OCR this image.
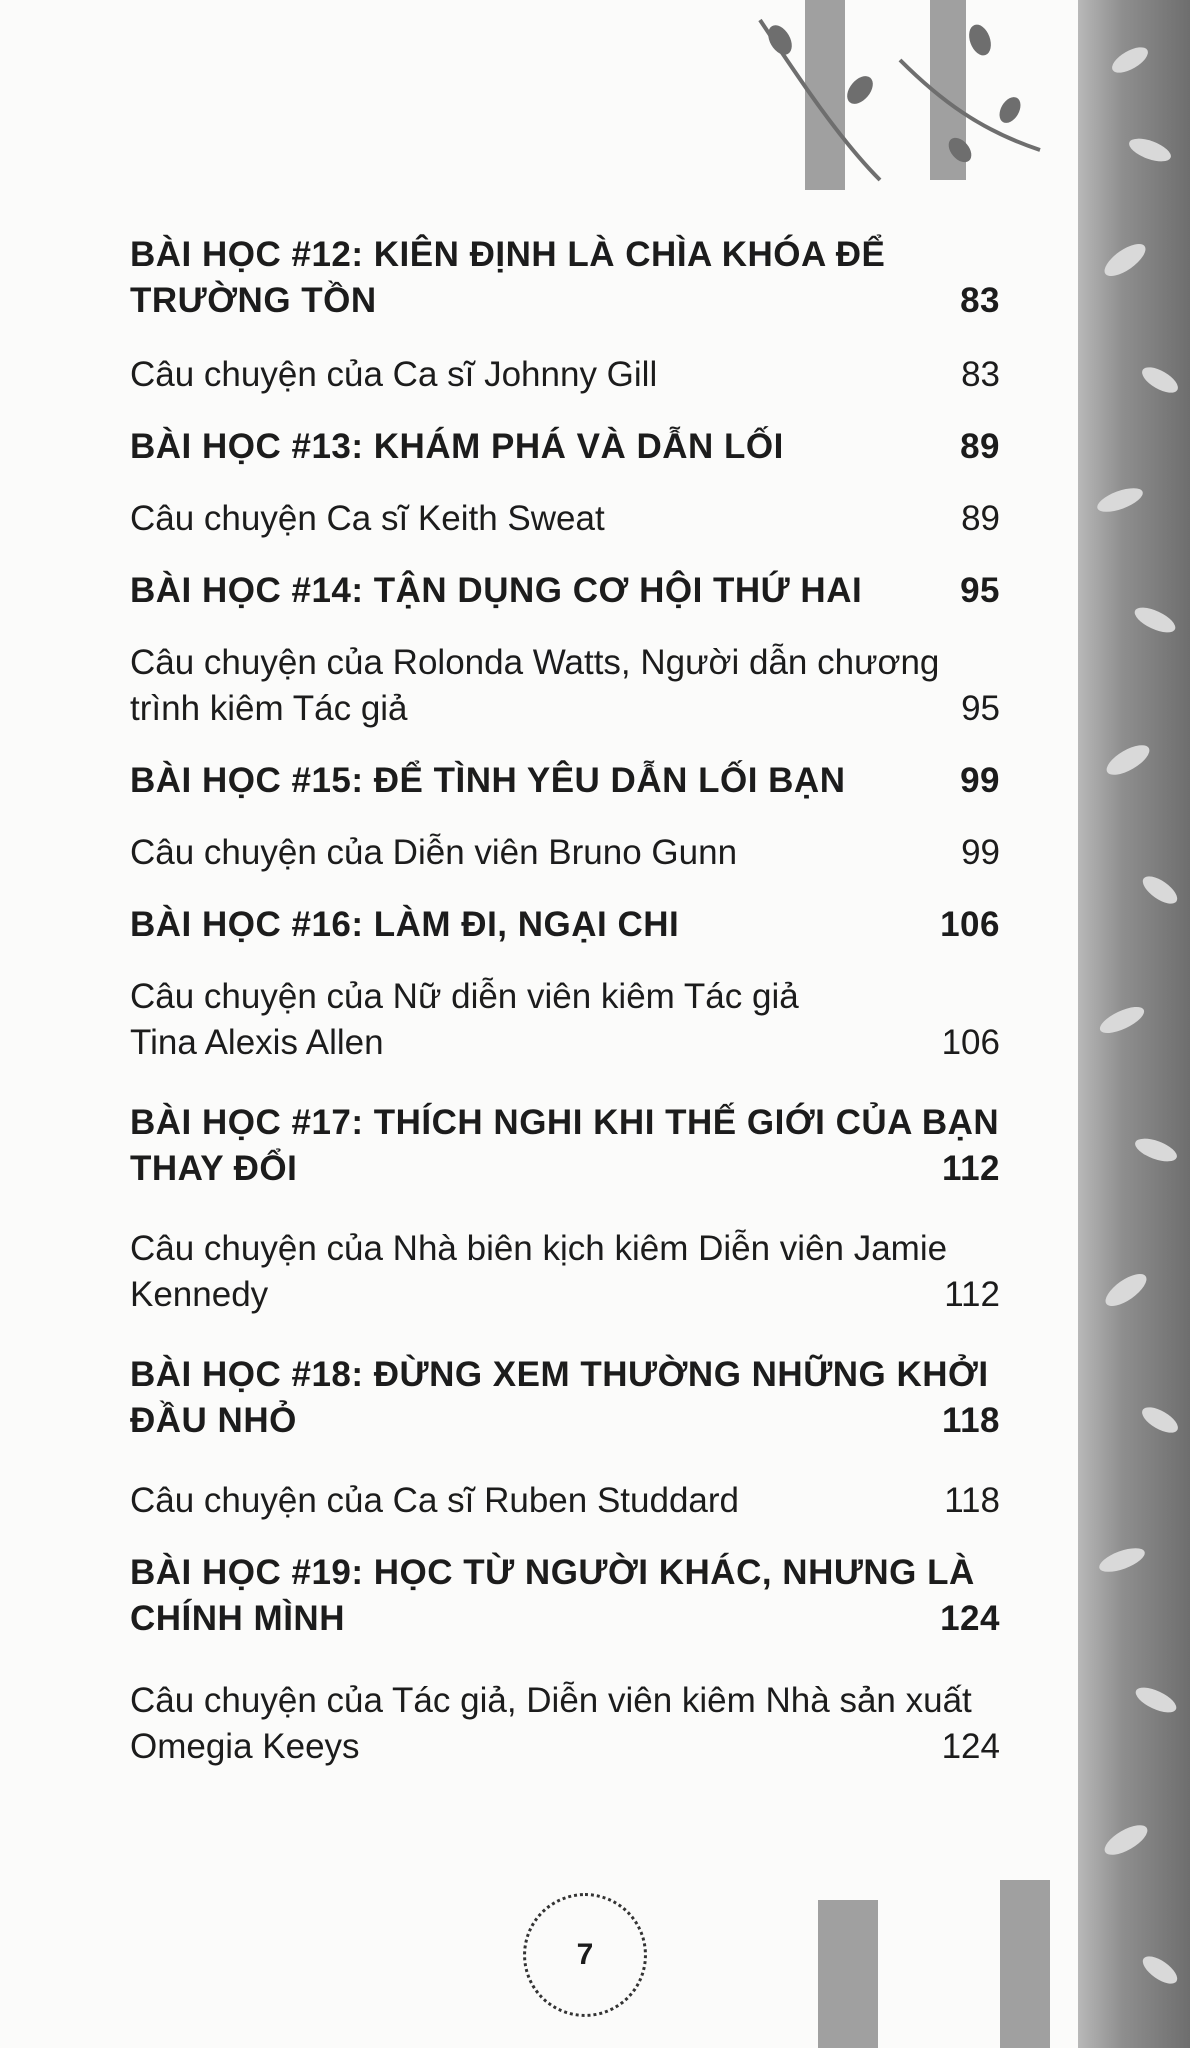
BÀI HỌC #12: KIÊN ĐỊNH LÀ CHÌA KHÓA ĐỂ
TRƯỜNG TỒN	83
Câu chuyện của Ca sĩ Johnny Gill	83
BÀI HỌC #13: KHÁM PHÁ VÀ DẪN LỐI	89
Câu chuyện Ca sĩ Keith Sweat	89
BÀI HỌC #14: TẬN DỤNG CƠ HỘI THỨ HAI	95
Câu chuyện của Rolonda Watts, Người dẫn chương
trình kiêm Tác giả	95
BÀI HỌC #15: ĐỂ TÌNH YÊU DẪN LỐI BẠN	99
Câu chuyện của Diễn viên Bruno Gunn	99
BÀI HỌC #16: LÀM ĐI, NGẠI CHI	106
Câu chuyện của Nữ diễn viên kiêm Tác giả
Tina Alexis Allen	106
BÀI HỌC #17: THÍCH NGHI KHI THẾ GIỚI CỦA BẠN
THAY ĐỔI	112
Câu chuyện của Nhà biên kịch kiêm Diễn viên Jamie
Kennedy	112
BÀI HỌC #18: ĐỪNG XEM THƯỜNG NHỮNG KHỞI
ĐẦU NHỎ	118
Câu chuyện của Ca sĩ Ruben Studdard	118
BÀI HỌC #19: HỌC TỪ NGƯỜI KHÁC, NHƯNG LÀ
CHÍNH MÌNH	124
Câu chuyện của Tác giả, Diễn viên kiêm Nhà sản xuất
Omegia Keeys	124
7
